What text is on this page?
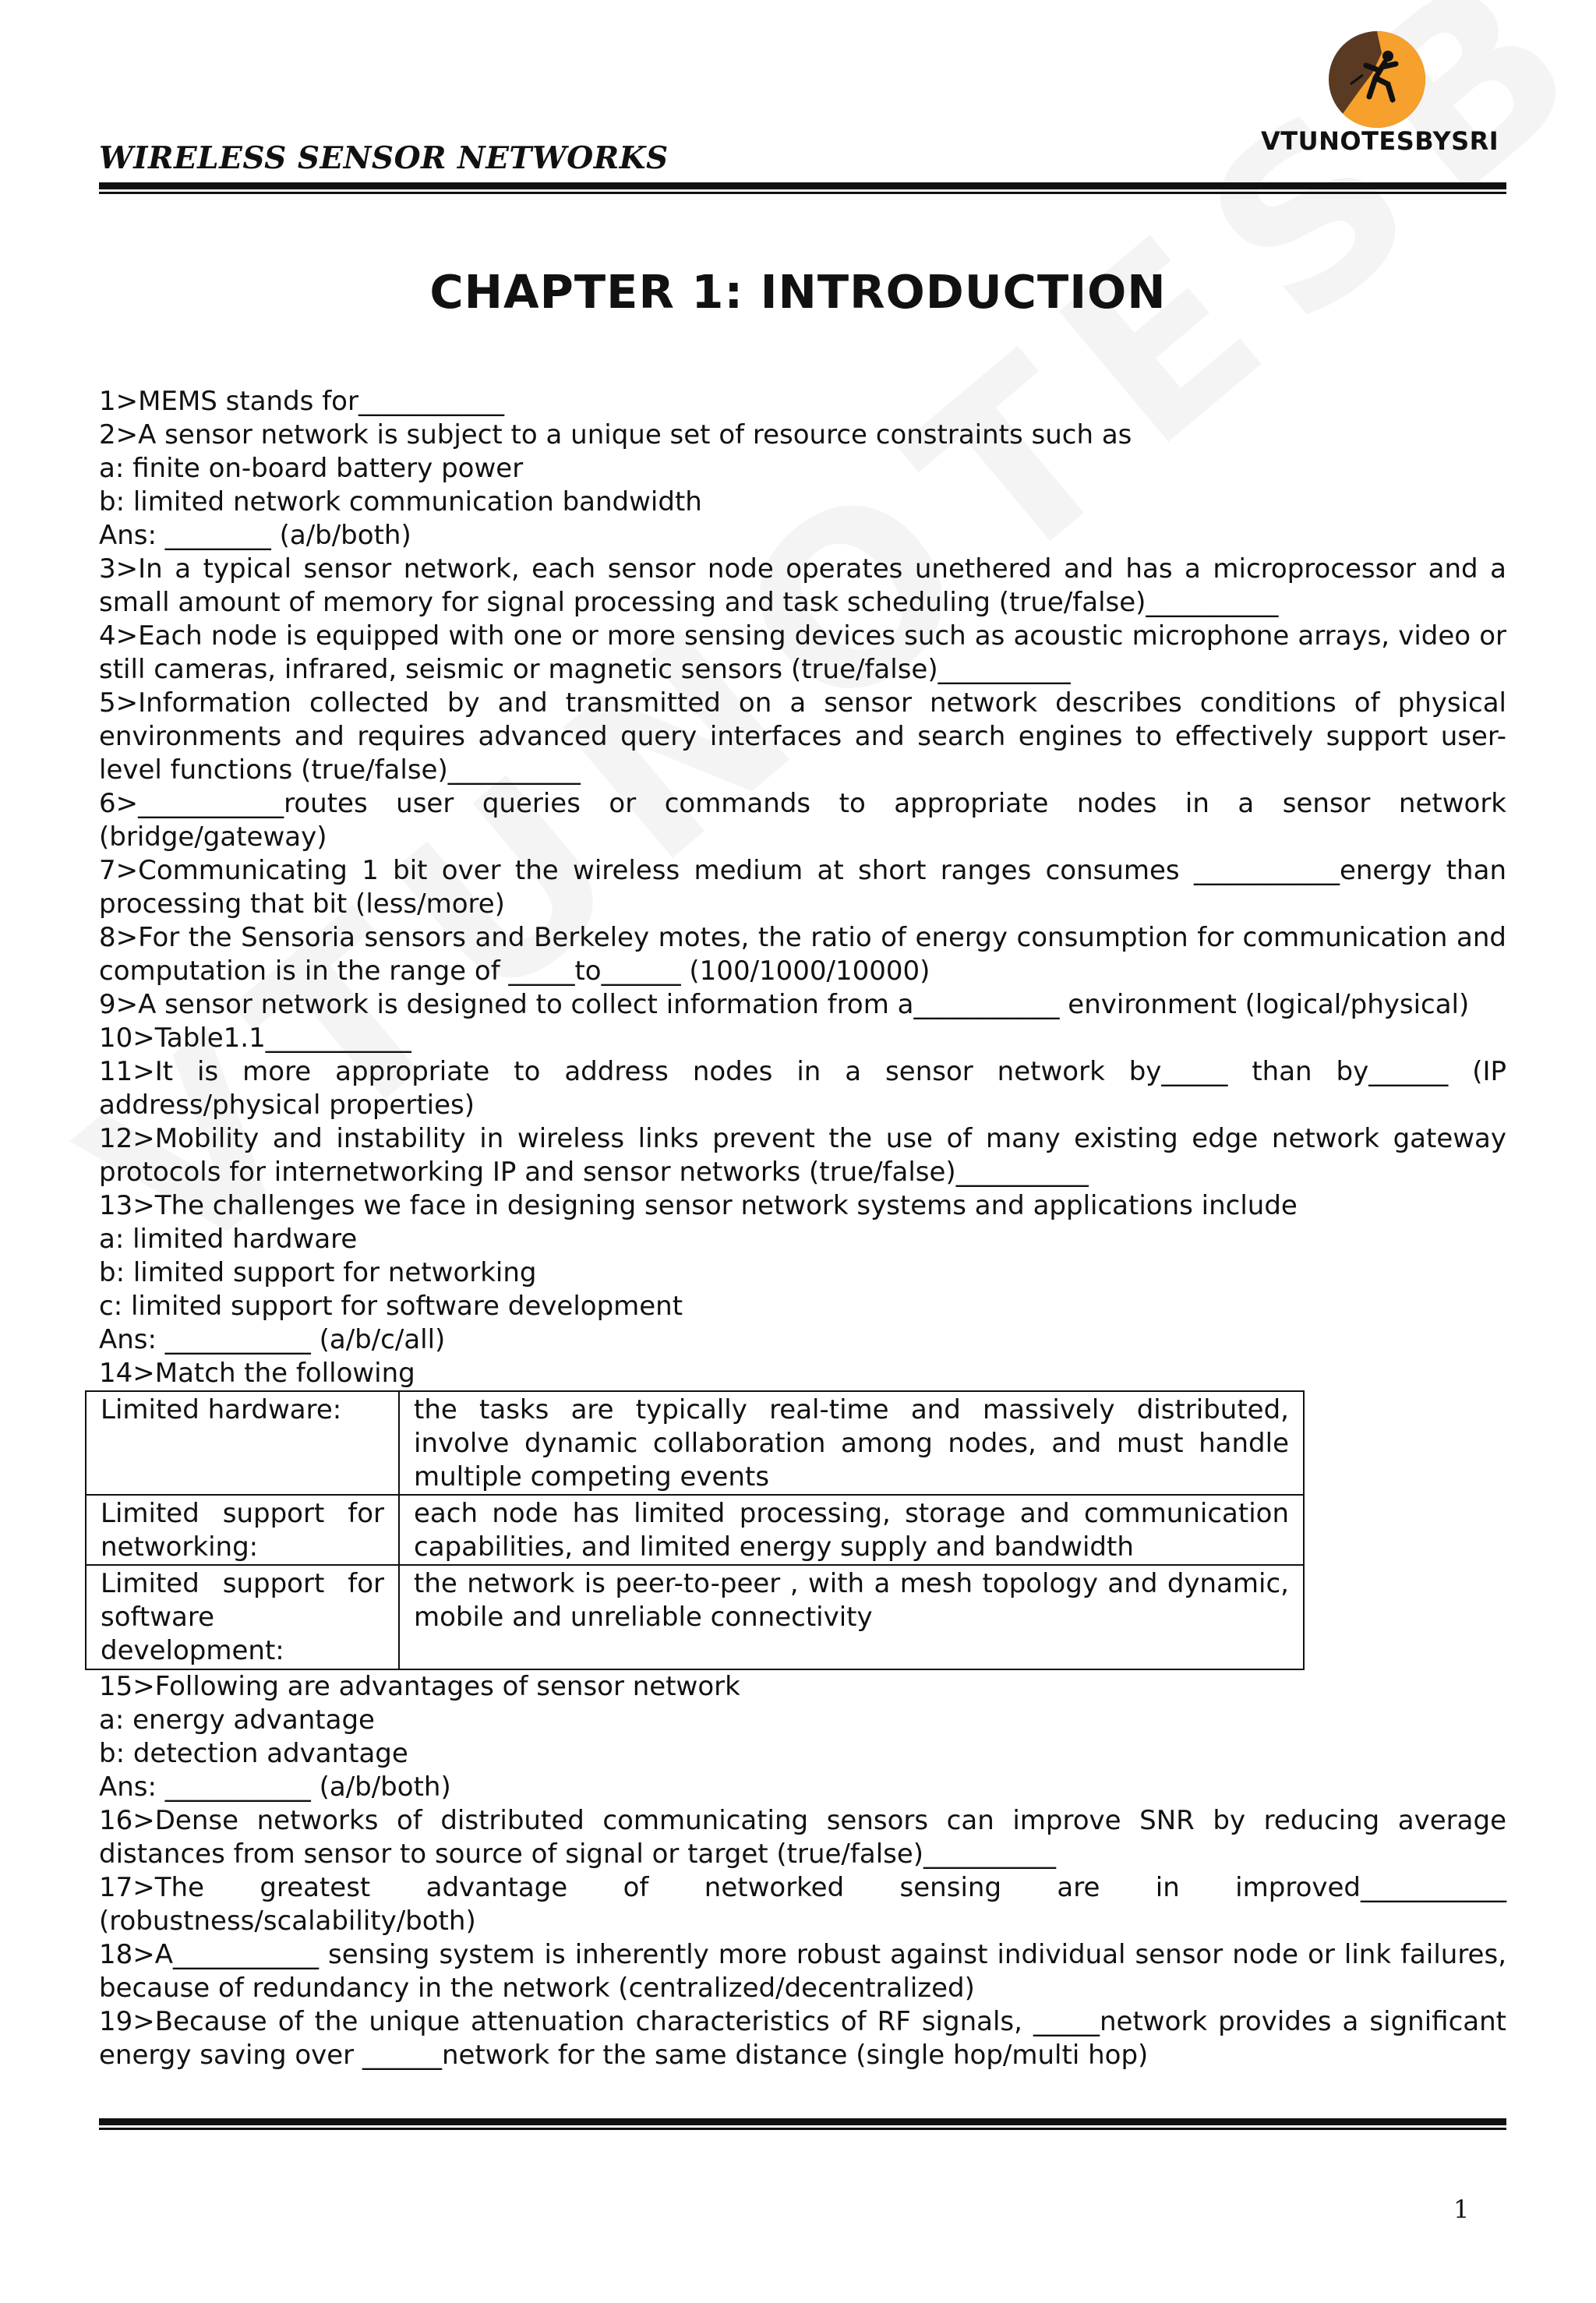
WIRELESS SENSOR NETWORKS	VTUNOTESBYSRI
CHAPTER 1: INTRODUCTION

1>MEMS stands for___________

2>A sensor network is subject to a unique set of resource constraints such as

a: finite on-board battery power

b: limited network communication bandwidth

Ans: ________ (a/b/both)

3>In a typical sensor network, each sensor node operates unethered and has a microprocessor and a small amount of memory for signal processing and task scheduling (true/false)__________

4>Each node is equipped with one or more sensing devices such as acoustic microphone arrays, video or still cameras, infrared, seismic or magnetic sensors (true/false)__________

5>Information collected by and transmitted on a sensor network describes conditions of physical environments and requires advanced query interfaces and search engines to effectively support user-level functions (true/false)__________

6>___________routes user queries or commands to appropriate nodes in a sensor network (bridge/gateway)

7>Communicating 1 bit over the wireless medium at short ranges consumes ___________energy than processing that bit (less/more)

8>For the Sensoria sensors and Berkeley motes, the ratio of energy consumption for communication and computation is in the range of _____to______ (100/1000/10000)

9>A sensor network is designed to collect information from a___________ environment (logical/physical)

10>Table1.1___________

11>It is more appropriate to address nodes in a sensor network by_____ than by______ (IP address/physical properties)

12>Mobility and instability in wireless links prevent the use of many existing edge network gateway protocols for internetworking IP and sensor networks (true/false)__________

13>The challenges we face in designing sensor network systems and applications include

a: limited hardware

b: limited support for networking

c: limited support for software development

Ans: ___________ (a/b/c/all)

14>Match the following

Limited hardware:	the tasks are typically real-time and massively distributed, involve dynamic collaboration among nodes, and must handle multiple competing events
Limited support for networking:	each node has limited processing, storage and communication capabilities, and limited energy supply and bandwidth
Limited support for software development:	the network is peer-to-peer , with a mesh topology and dynamic, mobile and unreliable connectivity

15>Following are advantages of sensor network

a: energy advantage

b: detection advantage

Ans: ___________ (a/b/both)

16>Dense networks of distributed communicating sensors can improve SNR by reducing average distances from sensor to source of signal or target (true/false)__________

17>The greatest advantage of networked sensing are in improved___________ (robustness/scalability/both)

18>A___________ sensing system is inherently more robust against individual sensor node or link failures, because of redundancy in the network (centralized/decentralized)

19>Because of the unique attenuation characteristics of RF signals, _____network provides a significant energy saving over ______network for the same distance (single hop/multi hop)

1
